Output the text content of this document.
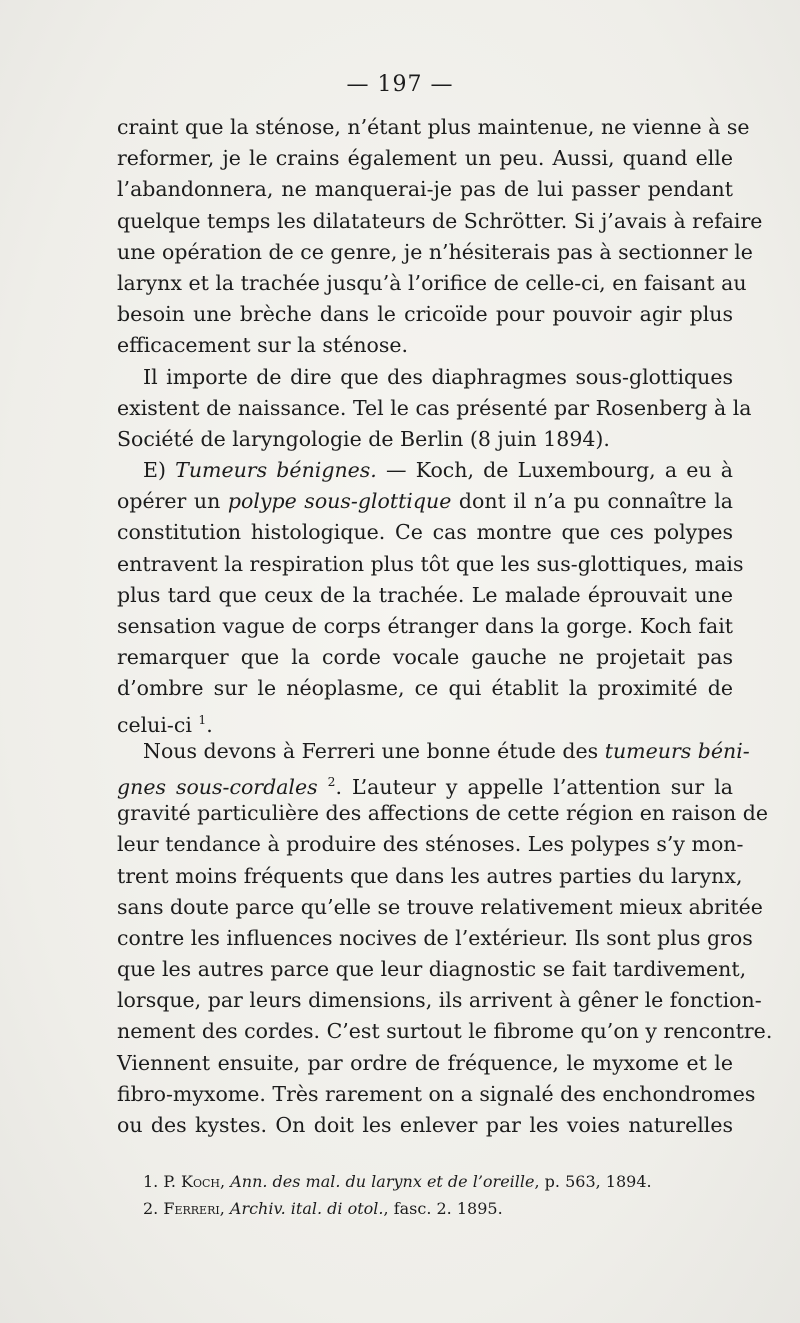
— 197 —
craint que la sténose, n’étant plus maintenue, ne vienne à se
reformer, je le crains également un peu. Aussi, quand elle
l’abandonnera, ne manquerai-je pas de lui passer pendant
quelque temps les dilatateurs de Schrötter. Si j’avais à refaire
une opération de ce genre, je n’hésiterais pas à sectionner le
larynx et la trachée jusqu’à l’orifice de celle-ci, en faisant au
besoin une brèche dans le cricoïde pour pouvoir agir plus
efficacement sur la sténose.
Il importe de dire que des diaphragmes sous-glottiques
existent de naissance. Tel le cas présenté par Rosenberg à la
Société de laryngologie de Berlin (8 juin 1894).
E) Tumeurs bénignes. — Koch, de Luxembourg, a eu à
opérer un polype sous-glottique dont il n’a pu connaître la
constitution histologique. Ce cas montre que ces polypes
entravent la respiration plus tôt que les sus-glottiques, mais
plus tard que ceux de la trachée. Le malade éprouvait une
sensation vague de corps étranger dans la gorge. Koch fait
remarquer que la corde vocale gauche ne projetait pas
d’ombre sur le néoplasme, ce qui établit la proximité de
celui-ci $^1$.
Nous devons à Ferreri une bonne étude des tumeurs béni-
gnes sous-cordales $^2$. L’auteur y appelle l’attention sur la
gravité particulière des affections de cette région en raison de
leur tendance à produire des sténoses. Les polypes s’y mon-
trent moins fréquents que dans les autres parties du larynx,
sans doute parce qu’elle se trouve relativement mieux abritée
contre les influences nocives de l’extérieur. Ils sont plus gros
que les autres parce que leur diagnostic se fait tardivement,
lorsque, par leurs dimensions, ils arrivent à gêner le fonction-
nement des cordes. C’est surtout le fibrome qu’on y rencontre.
Viennent ensuite, par ordre de fréquence, le myxome et le
fibro-myxome. Très rarement on a signalé des enchondromes
ou des kystes. On doit les enlever par les voies naturelles
1. P. Koch, Ann. des mal. du larynx et de l’oreille, p. 563, 1894.
2. Ferreri, Archiv. ital. di otol., fasc. 2. 1895.
